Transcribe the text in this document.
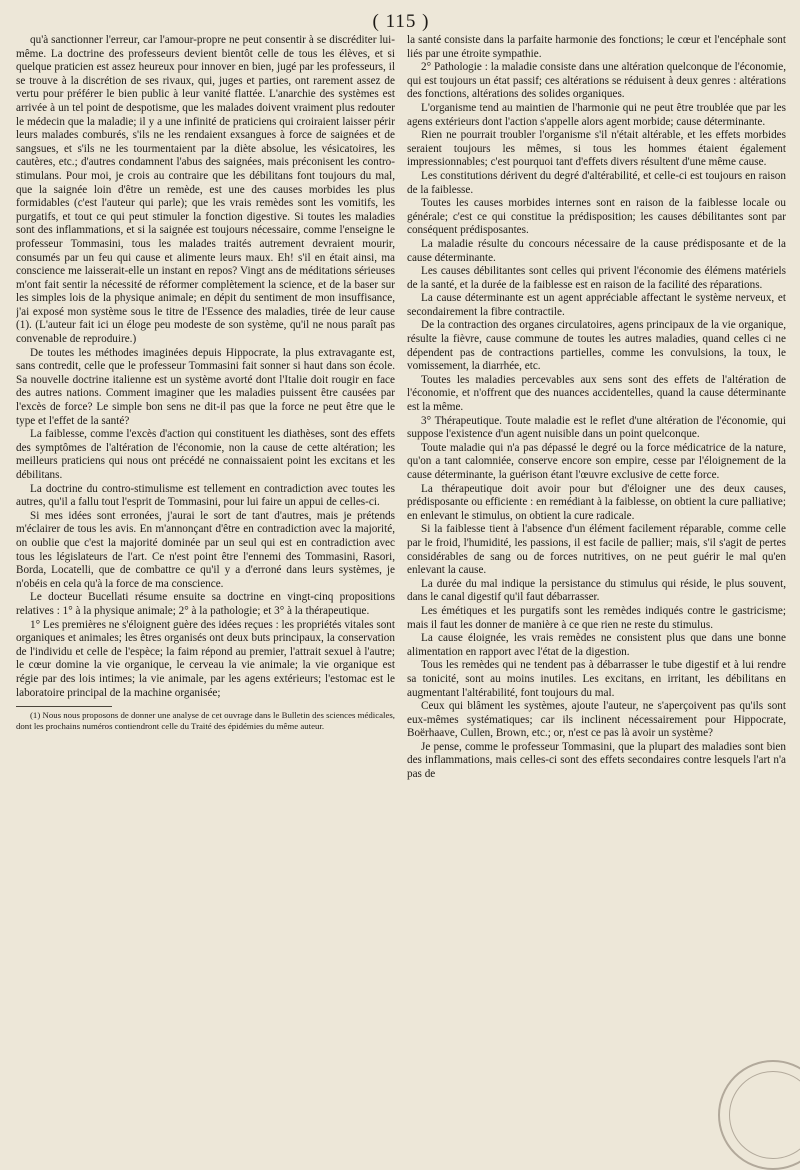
( 115 )

qu'à sanctionner l'erreur, car l'amour-propre ne peut consentir à se discréditer lui-même. La doctrine des professeurs devient bientôt celle de tous les élèves, et si quelque praticien est assez heureux pour innover en bien, jugé par les professeurs, il se trouve à la discrétion de ses rivaux, qui, juges et parties, ont rarement assez de vertu pour préférer le bien public à leur vanité flattée. L'anarchie des systèmes est arrivée à un tel point de despotisme, que les malades doivent vraiment plus redouter le médecin que la maladie; il y a une infinité de praticiens qui croiraient laisser périr leurs malades comburés, s'ils ne les rendaient exsangues à force de saignées et de sangsues, et s'ils ne les tourmentaient par la diète absolue, les vésicatoires, les cautères, etc.; d'autres condamnent l'abus des saignées, mais préconisent les contro-stimulans. Pour moi, je crois au contraire que les débilitans font toujours du mal, que la saignée loin d'être un remède, est une des causes morbides les plus formidables (c'est l'auteur qui parle); que les vrais remèdes sont les vomitifs, les purgatifs, et tout ce qui peut stimuler la fonction digestive. Si toutes les maladies sont des inflammations, et si la saignée est toujours nécessaire, comme l'enseigne le professeur Tommasini, tous les malades traités autrement devraient mourir, consumés par un feu qui cause et alimente leurs maux. Eh! s'il en était ainsi, ma conscience me laisserait-elle un instant en repos? Vingt ans de méditations sérieuses m'ont fait sentir la nécessité de réformer complètement la science, et de la baser sur les simples lois de la physique animale; en dépit du sentiment de mon insuffisance, j'ai exposé mon système sous le titre de l'Essence des maladies, tirée de leur cause (1). (L'auteur fait ici un éloge peu modeste de son système, qu'il ne nous paraît pas convenable de reproduire.)

De toutes les méthodes imaginées depuis Hippocrate, la plus extravagante est, sans contredit, celle que le professeur Tommasini fait sonner si haut dans son école. Sa nouvelle doctrine italienne est un système avorté dont l'Italie doit rougir en face des autres nations. Comment imaginer que les maladies puissent être causées par l'excès de force? Le simple bon sens ne dit-il pas que la force ne peut être que le type et l'effet de la santé?

La faiblesse, comme l'excès d'action qui constituent les diathèses, sont des effets des symptômes de l'altération de l'économie, non la cause de cette altération; les meilleurs praticiens qui nous ont précédé ne connaissaient point les excitans et les débilitans.

La doctrine du contro-stimulisme est tellement en contradiction avec toutes les autres, qu'il a fallu tout l'esprit de Tommasini, pour lui faire un appui de celles-ci.

Si mes idées sont erronées, j'aurai le sort de tant d'autres, mais je prétends m'éclairer de tous les avis. En m'annonçant d'être en contradiction avec la majorité, on oublie que c'est la majorité dominée par un seul qui est en contradiction avec tous les législateurs de l'art. Ce n'est point être l'ennemi des Tommasini, Rasori, Borda, Locatelli, que de combattre ce qu'il y a d'erroné dans leurs systèmes, je n'obéis en cela qu'à la force de ma conscience.

Le docteur Bucellati résume ensuite sa doctrine en vingt-cinq propositions relatives : 1° à la physique animale; 2° à la pathologie; et 3° à la thérapeutique.

1° Les premières ne s'éloignent guère des idées reçues : les propriétés vitales sont organiques et animales; les êtres organisés ont deux buts principaux, la conservation de l'individu et celle de l'espèce; la faim répond au premier, l'attrait sexuel à l'autre; le cœur domine la vie organique, le cerveau la vie animale; la vie organique est régie par des lois intimes; la vie animale, par les agens extérieurs; l'estomac est le laboratoire principal de la machine organisée;

(1) Nous nous proposons de donner une analyse de cet ouvrage dans le Bulletin des sciences médicales, dont les prochains numéros contiendront celle du Traité des épidémies du même auteur.

la santé consiste dans la parfaite harmonie des fonctions; le cœur et l'encéphale sont liés par une étroite sympathie.

2° Pathologie : la maladie consiste dans une altération quelconque de l'économie, qui est toujours un état passif; ces altérations se réduisent à deux genres : altérations des fonctions, altérations des solides organiques.

L'organisme tend au maintien de l'harmonie qui ne peut être troublée que par les agens extérieurs dont l'action s'appelle alors agent morbide; cause déterminante.

Rien ne pourrait troubler l'organisme s'il n'était altérable, et les effets morbides seraient toujours les mêmes, si tous les hommes étaient également impressionnables; c'est pourquoi tant d'effets divers résultent d'une même cause.

Les constitutions dérivent du degré d'altérabilité, et celle-ci est toujours en raison de la faiblesse.

Toutes les causes morbides internes sont en raison de la faiblesse locale ou générale; c'est ce qui constitue la prédisposition; les causes débilitantes sont par conséquent prédisposantes.

La maladie résulte du concours nécessaire de la cause prédisposante et de la cause déterminante.

Les causes débilitantes sont celles qui privent l'économie des élémens matériels de la santé, et la durée de la faiblesse est en raison de la facilité des réparations.

La cause déterminante est un agent appréciable affectant le système nerveux, et secondairement la fibre contractile.

De la contraction des organes circulatoires, agens principaux de la vie organique, résulte la fièvre, cause commune de toutes les autres maladies, quand celles ci ne dépendent pas de contractions partielles, comme les convulsions, la toux, le vomissement, la diarrhée, etc.

Toutes les maladies percevables aux sens sont des effets de l'altération de l'économie, et n'offrent que des nuances accidentelles, quand la cause déterminante est la même.

3° Thérapeutique. Toute maladie est le reflet d'une altération de l'économie, qui suppose l'existence d'un agent nuisible dans un point quelconque.

Toute maladie qui n'a pas dépassé le degré ou la force médicatrice de la nature, qu'on a tant calomniée, conserve encore son empire, cesse par l'éloignement de la cause déterminante, la guérison étant l'œuvre exclusive de cette force.

La thérapeutique doit avoir pour but d'éloigner une des deux causes, prédisposante ou efficiente : en remédiant à la faiblesse, on obtient la cure palliative; en enlevant le stimulus, on obtient la cure radicale.

Si la faiblesse tient à l'absence d'un élément facilement réparable, comme celle par le froid, l'humidité, les passions, il est facile de pallier; mais, s'il s'agit de pertes considérables de sang ou de forces nutritives, on ne peut guérir le mal qu'en enlevant la cause.

La durée du mal indique la persistance du stimulus qui réside, le plus souvent, dans le canal digestif qu'il faut débarrasser.

Les émétiques et les purgatifs sont les remèdes indiqués contre le gastricisme; mais il faut les donner de manière à ce que rien ne reste du stimulus.

La cause éloignée, les vrais remèdes ne consistent plus que dans une bonne alimentation en rapport avec l'état de la digestion.

Tous les remèdes qui ne tendent pas à débarrasser le tube digestif et à lui rendre sa tonicité, sont au moins inutiles. Les excitans, en irritant, les débilitans en augmentant l'altérabilité, font toujours du mal.

Ceux qui blâment les systèmes, ajoute l'auteur, ne s'aperçoivent pas qu'ils sont eux-mêmes systématiques; car ils inclinent nécessairement pour Hippocrate, Boërhaave, Cullen, Brown, etc.; or, n'est ce pas là avoir un système?

Je pense, comme le professeur Tommasini, que la plupart des maladies sont bien des inflammations, mais celles-ci sont des effets secondaires contre lesquels l'art n'a pas de
